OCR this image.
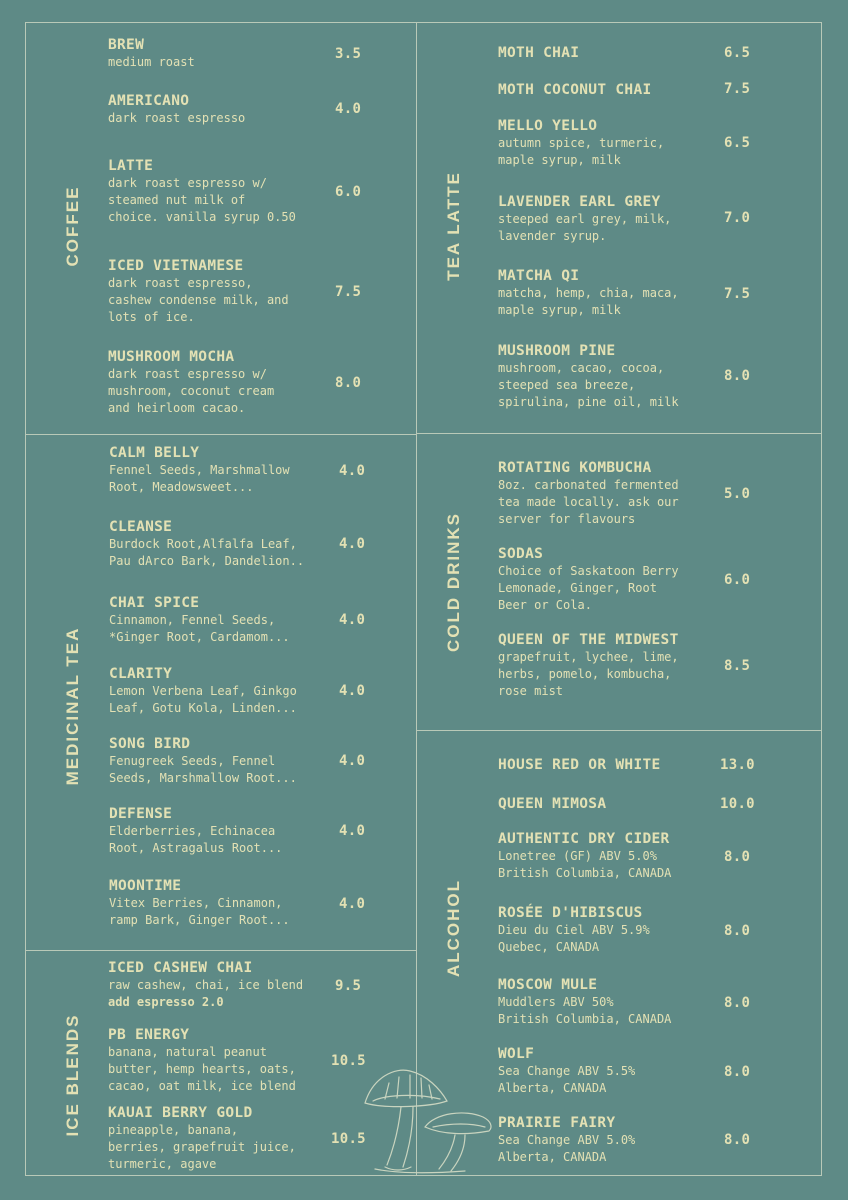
COFFEE	TEA LATTE
MEDICINAL TEA
COLD DRINKS
ICE BLENDS
ALCOHOL
BREW
medium roast	3.5
AMERICANO
dark roast espresso
4.0
LATTE
dark roast espresso w/
steamed nut milk of
choice. vanilla syrup 0.50
6.0
ICED VIETNAMESE
dark roast espresso,
cashew condense milk, and
lots of ice.
7.5
MUSHROOM MOCHA
dark roast espresso w/
mushroom, coconut cream
and heirloom cacao.
8.0
MOTH CHAI	6.5
MOTH COCONUT CHAI	7.5
MELLO YELLO
autumn spice, turmeric,
maple syrup, milk
6.5
LAVENDER EARL GREY
steeped earl grey, milk,
lavender syrup.
7.0
MATCHA QI
matcha, hemp, chia, maca,
maple syrup, milk
7.5
MUSHROOM PINE
mushroom, cacao, cocoa,
steeped sea breeze,
spirulina, pine oil, milk
8.0
CALM BELLY
Fennel Seeds, Marshmallow
Root, Meadowsweet...
4.0
CLEANSE
Burdock Root,Alfalfa Leaf,
Pau dArco Bark, Dandelion..
4.0
CHAI SPICE
Cinnamon, Fennel Seeds,
*Ginger Root, Cardamom...
4.0
CLARITY
Lemon Verbena Leaf, Ginkgo
Leaf, Gotu Kola, Linden...
4.0
SONG BIRD
Fenugreek Seeds, Fennel
Seeds, Marshmallow Root...
4.0
DEFENSE
Elderberries, Echinacea
Root, Astragalus Root...
4.0
MOONTIME
Vitex Berries, Cinnamon,
ramp Bark, Ginger Root...
4.0
ROTATING KOMBUCHA
8oz. carbonated fermented
tea made locally. ask our
server for flavours
5.0
SODAS
Choice of Saskatoon Berry
Lemonade, Ginger, Root
Beer or Cola.
6.0
QUEEN OF THE MIDWEST
grapefruit, lychee, lime,
herbs, pomelo, kombucha,
rose mist
8.5
ICED CASHEW CHAI
raw cashew, chai, ice blend
add espresso 2.0
9.5
PB ENERGY
banana, natural peanut
butter, hemp hearts, oats,
cacao, oat milk, ice blend
10.5
KAUAI BERRY GOLD
pineapple, banana,
berries, grapefruit juice,
turmeric, agave
10.5
HOUSE RED OR WHITE	13.0
QUEEN MIMOSA	10.0
AUTHENTIC DRY CIDER
Lonetree (GF) ABV 5.0%
British Columbia, CANADA
8.0
ROSÉE D'HIBISCUS
Dieu du Ciel ABV 5.9%
Quebec, CANADA
8.0
MOSCOW MULE
Muddlers ABV 50%
British Columbia, CANADA
8.0
WOLF
Sea Change ABV 5.5%
Alberta, CANADA
8.0
PRAIRIE FAIRY
Sea Change ABV 5.0%
Alberta, CANADA
8.0
